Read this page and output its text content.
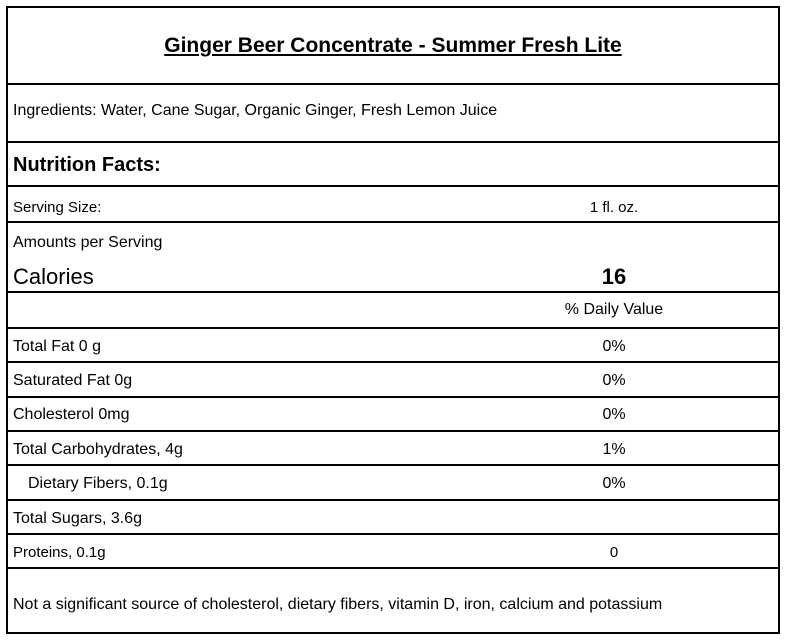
Ginger Beer Concentrate - Summer Fresh Lite
Ingredients: Water, Cane Sugar, Organic Ginger, Fresh Lemon Juice
Nutrition Facts:
Serving Size:	1 fl. oz.
Amounts per Serving
Calories	16
% Daily Value
Total Fat 0 g	0%
Saturated Fat 0g	0%
Cholesterol 0mg	0%
Total Carbohydrates, 4g	1%
Dietary Fibers, 0.1g	0%
Total Sugars, 3.6g
Proteins, 0.1g	0
Not a significant source of cholesterol, dietary fibers, vitamin D, iron, calcium and potassium
